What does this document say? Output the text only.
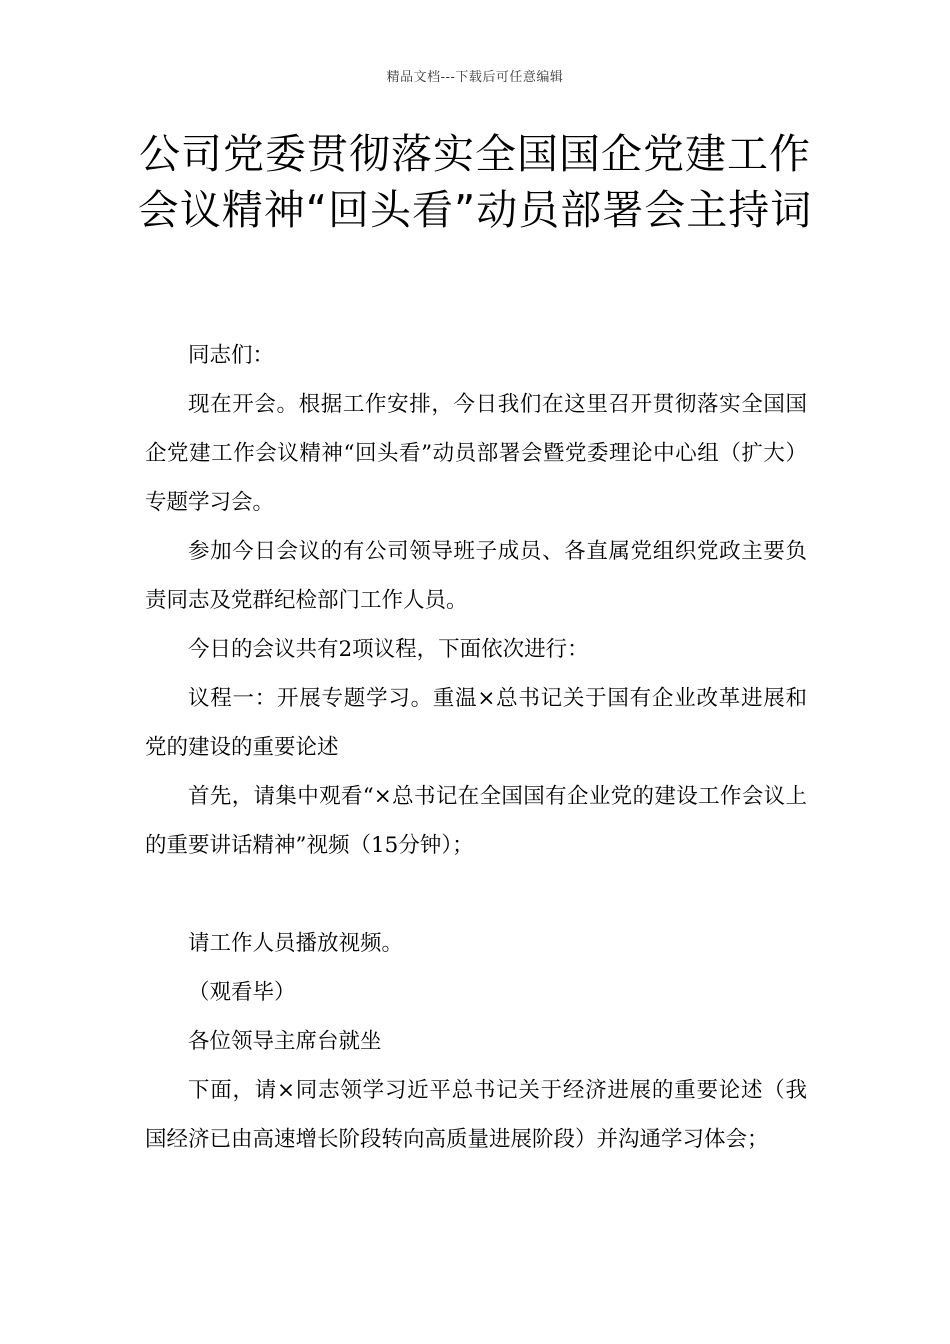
精品文档---下载后可任意编辑
公司党委贯彻落实全国国企党建工作会议精神“回头看”动员部署会主持词

同志们：

现在开会。根据工作安排，今日我们在这里召开贯彻落实全国国企党建工作会议精神“回头看”动员部署会暨党委理论中心组（扩大）专题学习会。

参加今日会议的有公司领导班子成员、各直属党组织党政主要负责同志及党群纪检部门工作人员。

今日的会议共有2项议程，下面依次进行：

议程一：开展专题学习。重温×总书记关于国有企业改革进展和党的建设的重要论述

首先，请集中观看“×总书记在全国国有企业党的建设工作会议上的重要讲话精神”视频（15分钟）；

请工作人员播放视频。

（观看毕）

各位领导主席台就坐

下面，请×同志领学习近平总书记关于经济进展的重要论述（我国经济已由高速增长阶段转向高质量进展阶段）并沟通学习体会；
